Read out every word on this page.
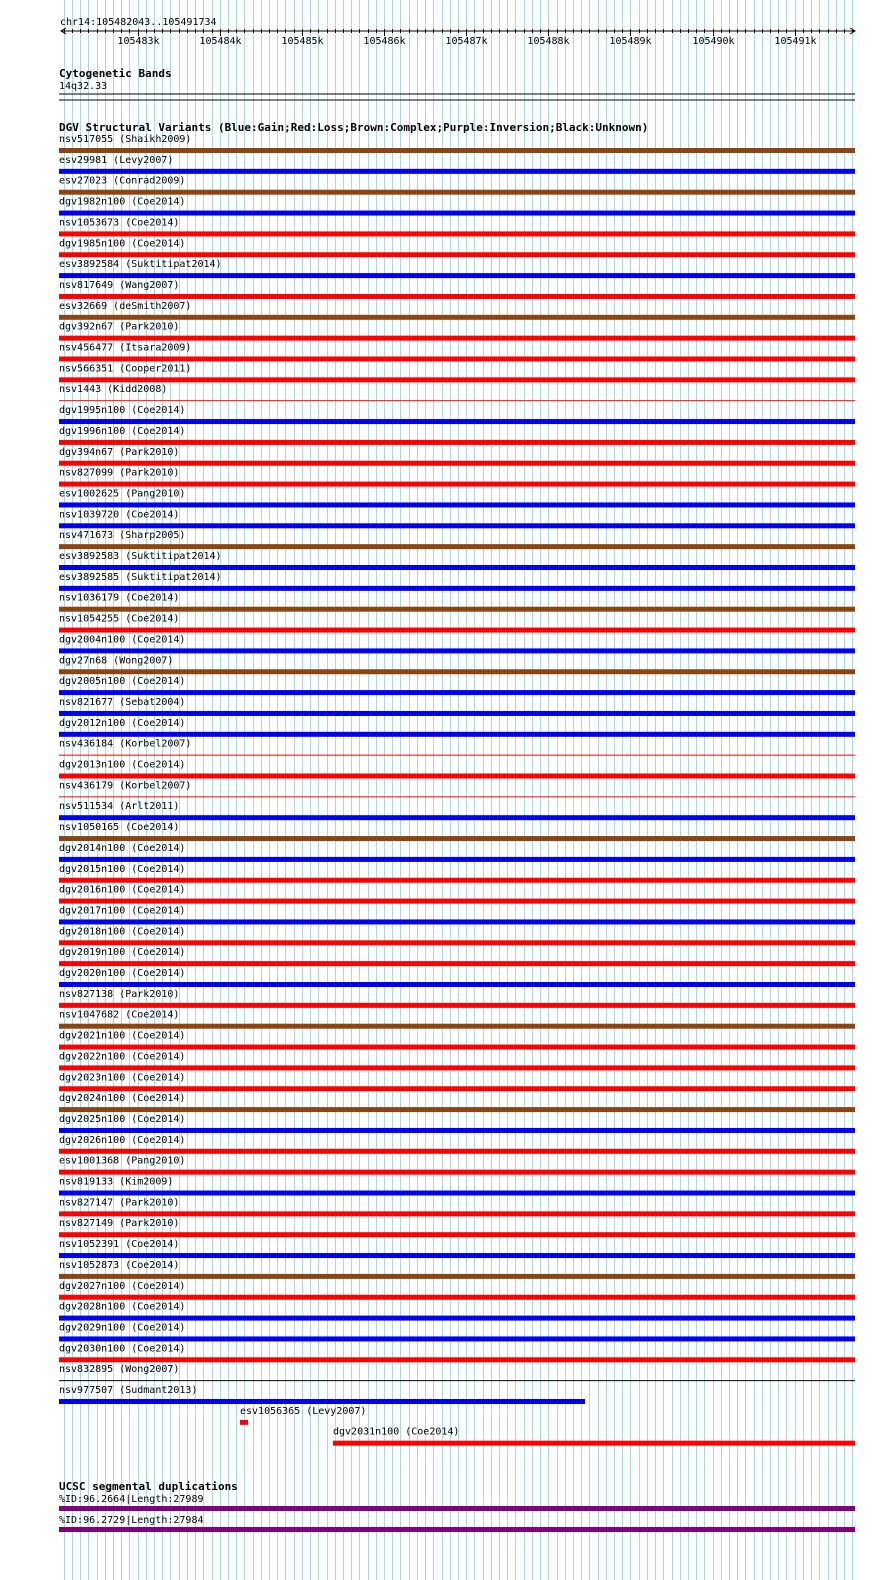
chr14:105482043..105491734
105483k	105484k	105485k	105486k	105487k	105488k	105489k	105490k	105491k
Cytogenetic Bands
14q32.33
DGV Structural Variants (Blue:Gain;Red:Loss;Brown:Complex;Purple:Inversion;Black:Unknown)
nsv517055 (Shaikh2009)
esv29981 (Levy2007)
esv27023 (Conrad2009)
dgv1982n100 (Coe2014)
nsv1053673 (Coe2014)
dgv1985n100 (Coe2014)
esv3892584 (Suktitipat2014)
nsv817649 (Wang2007)
esv32669 (deSmith2007)
dgv392n67 (Park2010)
nsv456477 (Itsara2009)
nsv566351 (Cooper2011)
nsv1443 (Kidd2008)
dgv1995n100 (Coe2014)
dgv1996n100 (Coe2014)
dgv394n67 (Park2010)
nsv827099 (Park2010)
esv1002625 (Pang2010)
nsv1039720 (Coe2014)
nsv471673 (Sharp2005)
esv3892583 (Suktitipat2014)
esv3892585 (Suktitipat2014)
nsv1036179 (Coe2014)
nsv1054255 (Coe2014)
dgv2004n100 (Coe2014)
dgv27n68 (Wong2007)
dgv2005n100 (Coe2014)
nsv821677 (Sebat2004)
dgv2012n100 (Coe2014)
nsv436184 (Korbel2007)
dgv2013n100 (Coe2014)
nsv436179 (Korbel2007)
nsv511534 (Arlt2011)
nsv1050165 (Coe2014)
dgv2014n100 (Coe2014)
dgv2015n100 (Coe2014)
dgv2016n100 (Coe2014)
dgv2017n100 (Coe2014)
dgv2018n100 (Coe2014)
dgv2019n100 (Coe2014)
dgv2020n100 (Coe2014)
nsv827138 (Park2010)
nsv1047682 (Coe2014)
dgv2021n100 (Coe2014)
dgv2022n100 (Coe2014)
dgv2023n100 (Coe2014)
dgv2024n100 (Coe2014)
dgv2025n100 (Coe2014)
dgv2026n100 (Coe2014)
esv1001368 (Pang2010)
nsv819133 (Kim2009)
nsv827147 (Park2010)
nsv827149 (Park2010)
nsv1052391 (Coe2014)
nsv1052873 (Coe2014)
dgv2027n100 (Coe2014)
dgv2028n100 (Coe2014)
dgv2029n100 (Coe2014)
dgv2030n100 (Coe2014)
nsv832895 (Wong2007)
nsv977507 (Sudmant2013)
esv1056365 (Levy2007)
dgv2031n100 (Coe2014)
UCSC segmental duplications
%ID:96.2664|Length:27989
%ID:96.2729|Length:27984
